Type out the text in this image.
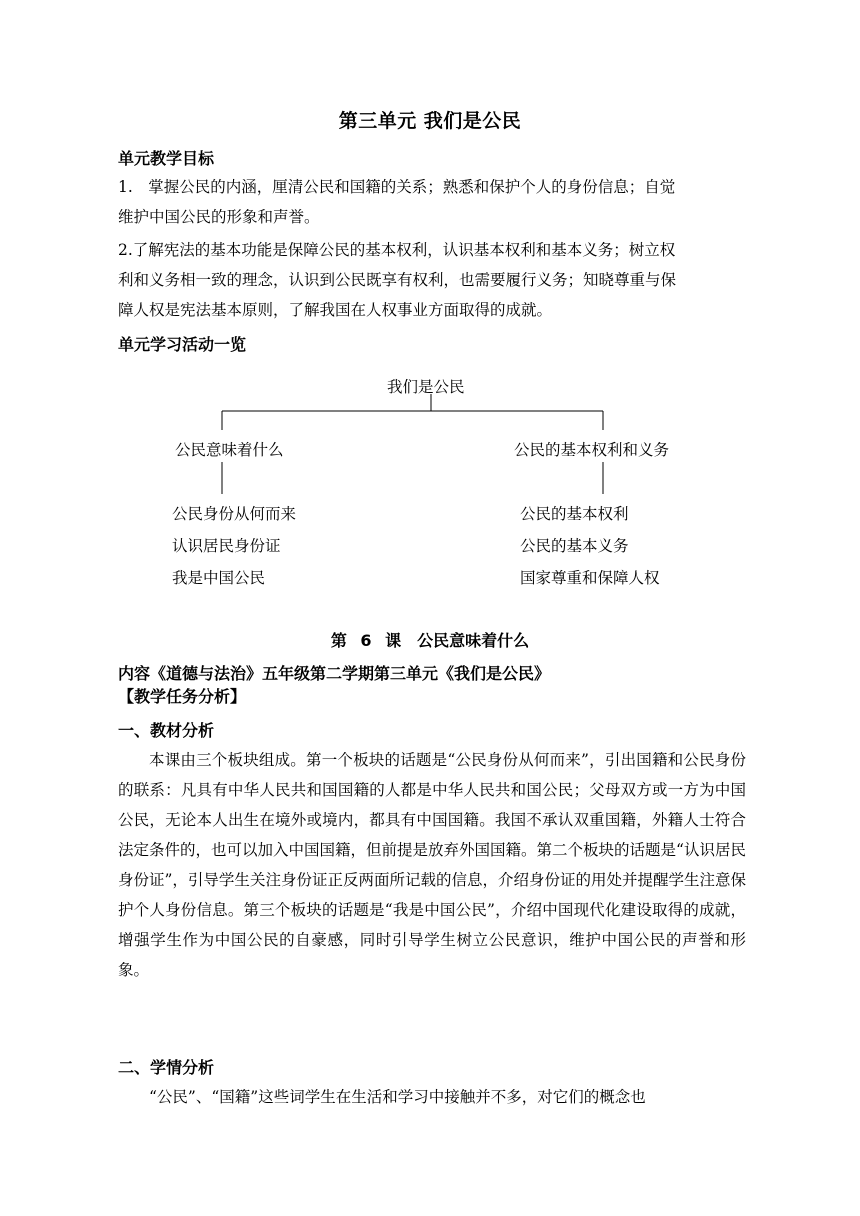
第三单元 我们是公民
单元教学目标
1.　掌握公民的内涵，厘清公民和国籍的关系；熟悉和保护个人的身份信息；自觉
维护中国公民的形象和声誉。
2.了解宪法的基本功能是保障公民的基本权利，认识基本权利和基本义务；树立权
利和义务相一致的理念，认识到公民既享有权利，也需要履行义务；知晓尊重与保
障人权是宪法基本原则，了解我国在人权事业方面取得的成就。
单元学习活动一览
我们是公民
公民意味着什么	公民的基本权利和义务
公民身份从何而来
认识居民身份证
我是中国公民
公民的基本权利
公民的基本义务
国家尊重和保障人权
第 6 课　公民意味着什么
内容《道德与法治》五年级第二学期第三单元《我们是公民》
【教学任务分析】
一、教材分析
本课由三个板块组成。第一个板块的话题是“公民身份从何而来”，引出国籍和公民身份的联系：凡具有中华人民共和国国籍的人都是中华人民共和国公民；父母双方或一方为中国公民，无论本人出生在境外或境内，都具有中国国籍。我国不承认双重国籍，外籍人士符合法定条件的，也可以加入中国国籍，但前提是放弃外国国籍。第二个板块的话题是“认识居民身份证”，引导学生关注身份证正反两面所记载的信息，介绍身份证的用处并提醒学生注意保护个人身份信息。第三个板块的话题是“我是中国公民”，介绍中国现代化建设取得的成就，增强学生作为中国公民的自豪感，同时引导学生树立公民意识，维护中国公民的声誉和形象。
二、学情分析
“公民”、“国籍”这些词学生在生活和学习中接触并不多，对它们的概念也
